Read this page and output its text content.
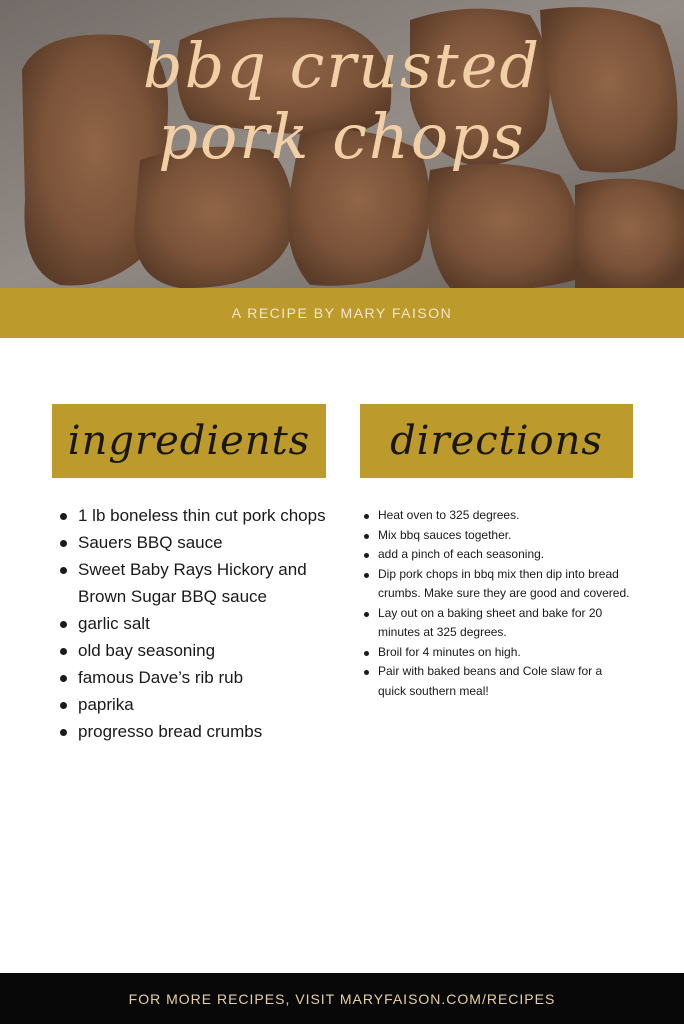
bbq crusted
pork chops
A RECIPE BY MARY FAISON
ingredients directions
1 lb boneless thin cut pork chops
Sauers BBQ sauce
Sweet Baby Rays Hickory and Brown Sugar BBQ sauce
garlic salt
old bay seasoning
famous Dave’s rib rub
paprika
progresso bread crumbs
Heat oven to 325 degrees.
Mix bbq sauces together.
add a pinch of each seasoning.
Dip pork chops in bbq mix then dip into bread crumbs. Make sure they are good and covered.
Lay out on a baking sheet and bake for 20 minutes at 325 degrees.
Broil for 4 minutes on high.
Pair with baked beans and Cole slaw for a quick southern meal!
FOR MORE RECIPES, VISIT MARYFAISON.COM/RECIPES
